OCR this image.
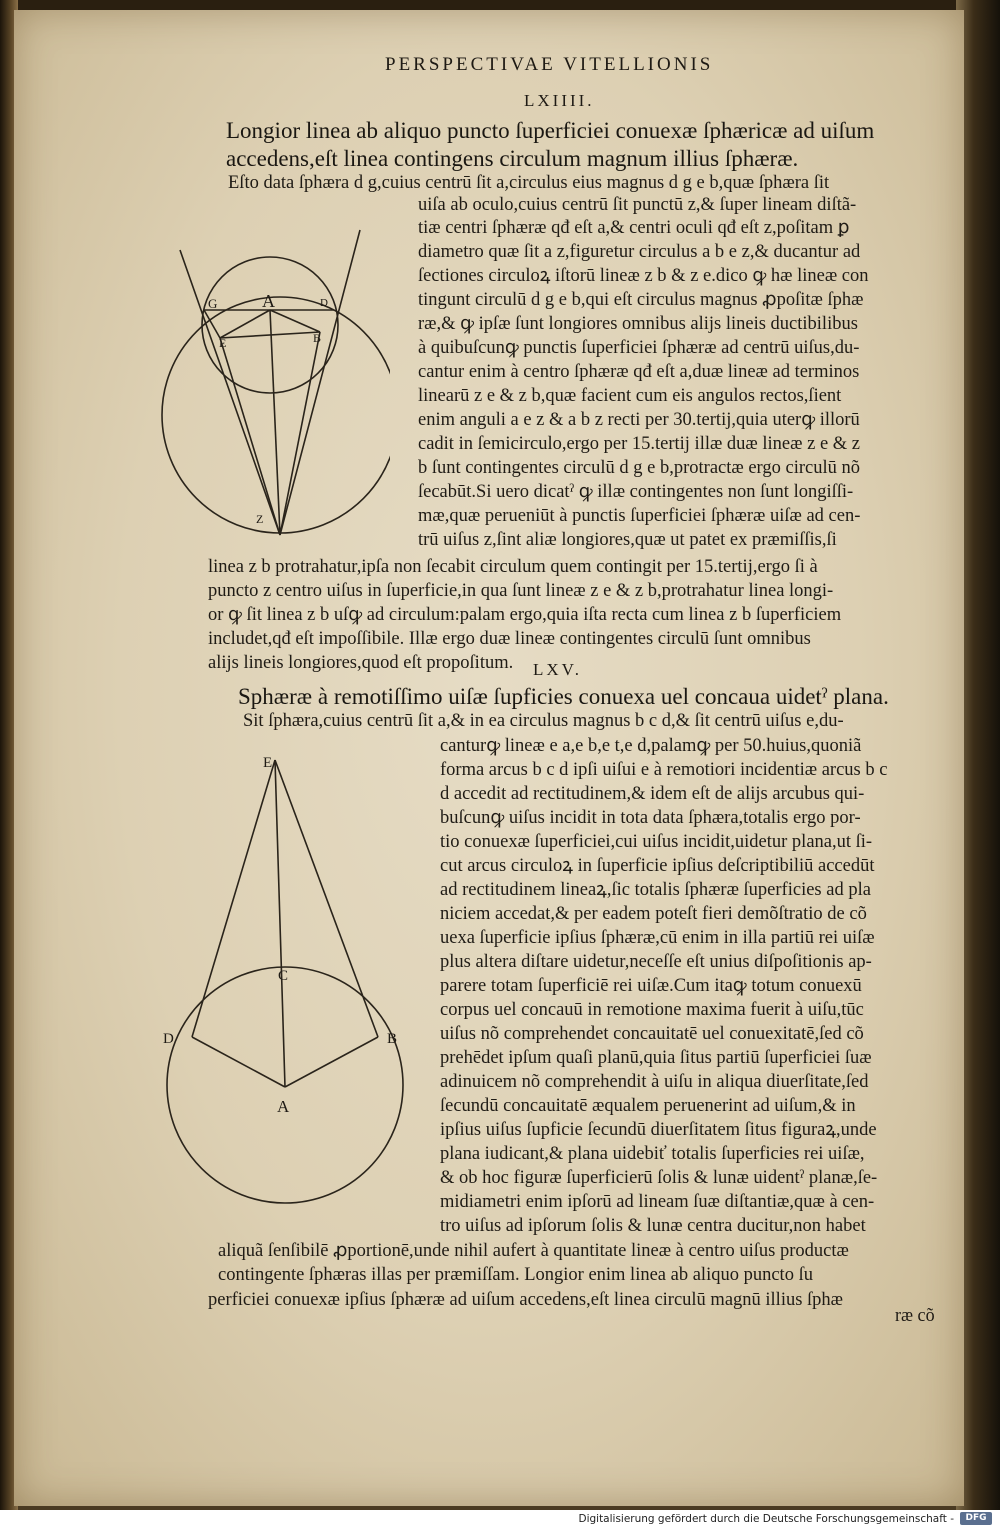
PERSPECTIVAE VITELLIONIS
LXIIII.
Longior linea ab aliquo puncto ſuperficiei conuexæ ſphæricæ ad uiſum
accedens,eſt linea contingens circulum magnum illius ſphæræ.
Eſto data ſphæra d g,cuius centrū ſit a,circulus eius magnus d g e b,quæ ſphæra ſit
uiſa ab oculo,cuius centrū ſit punctū z,& ſuper lineam diſtã-
tiæ centri ſphæræ qđ eſt a,& centri oculi qđ eſt z,poſitam ꝑ
diametro quæ ſit a z,figuretur circulus a b e z,& ducantur ad
ſectiones circuloꝝ iſtorū lineæ z b & z e.dico ꝙ hæ lineæ con
tingunt circulū d g e b,qui eſt circulus magnus ꝓpoſitæ ſphæ
ræ,& ꝙ ipſæ ſunt longiores omnibus alijs lineis ductibilibus
à quibuſcunꝙ punctis ſuperficiei ſphæræ ad centrū uiſus,du-
cantur enim à centro ſphæræ qđ eſt a,duæ lineæ ad terminos
linearū z e & z b,quæ facient cum eis angulos rectos,ſient
enim anguli a e z & a b z recti per 30.tertij,quia uterꝙ illorū
cadit in ſemicirculo,ergo per 15.tertij illæ duæ lineæ z e & z
b ſunt contingentes circulū d g e b,protractæ ergo circulū nõ
ſecabūt.Si uero dicatˀ ꝙ illæ contingentes non ſunt longiſſi-
mæ,quæ perueniūt à punctis ſuperficiei ſphæræ uiſæ ad cen-
trū uiſus z,ſint aliæ longiores,quæ ut patet ex præmiſſis,ſi
linea z b protrahatur,ipſa non ſecabit circulum quem contingit per 15.tertij,ergo ſi à
puncto z centro uiſus in ſuperficie,in qua ſunt lineæ z e & z b,protrahatur linea longi-
or ꝙ ſit linea z b uſꝙ ad circulum:palam ergo,quia iſta recta cum linea z b ſuperficiem
includet,qđ eſt impoſſibile. Illæ ergo duæ lineæ contingentes circulū ſunt omnibus
alijs lineis longiores,quod eſt propoſitum.
G A	D
E	B
Z
LXV.
Sphæræ à remotiſſimo uiſæ ſupficies conuexa uel concaua uidetˀ plana.
Sit ſphæra,cuius centrū ſit a,& in ea circulus magnus b c d,& ſit centrū uiſus e,du-
canturꝙ lineæ e a,e b,e t,e d,palamꝙ per 50.huius,quoniã
forma arcus b c d ipſi uiſui e à remotiori incidentiæ arcus b c
d accedit ad rectitudinem,& idem eſt de alijs arcubus qui-
buſcunꝙ uiſus incidit in tota data ſphæra,totalis ergo por-
tio conuexæ ſuperficiei,cui uiſus incidit,uidetur plana,ut ſi-
cut arcus circuloꝝ in ſuperficie ipſius deſcriptibiliū accedūt
ad rectitudinem lineaꝝ,ſic totalis ſphæræ ſuperficies ad pla
niciem accedat,& per eadem poteſt fieri demõſtratio de cõ
uexa ſuperficie ipſius ſphæræ,cū enim in illa partiū rei uiſæ
plus altera diſtare uidetur,neceſſe eſt unius diſpoſitionis ap-
parere totam ſuperficiē rei uiſæ.Cum itaꝙ totum conuexū
corpus uel concauū in remotione maxima fuerit à uiſu,tūc
uiſus nõ comprehendet concauitatē uel conuexitatē,ſed cõ
prehēdet ipſum quaſi planū,quia ſitus partiū ſuperficiei ſuæ
adinuicem nõ comprehendit à uiſu in aliqua diuerſitate,ſed
ſecundū concauitatē æqualem peruenerint ad uiſum,& in
ipſius uiſus ſupficie ſecundū diuerſitatem ſitus figuraꝝ,unde
plana iudicant,& plana uidebiť totalis ſuperficies rei uiſæ,
& ob hoc figuræ ſuperficierū ſolis & lunæ uidentˀ planæ,ſe-
midiametri enim ipſorū ad lineam ſuæ diſtantiæ,quæ à cen-
tro uiſus ad ipſorum ſolis & lunæ centra ducitur,non habet
aliquã ſenſibilē ꝓportionē,unde nihil aufert à quantitate lineæ à centro uiſus productæ
contingente ſphæras illas per præmiſſam. Longior enim linea ab aliquo puncto ſu
perficiei conuexæ ipſius ſphæræ ad uiſum accedens,eſt linea circulū magnū illius ſphæ
ræ cõ
E
C
D	B
A
Digitalisierung gefördert durch die Deutsche Forschungsgemeinschaft -	DFG
